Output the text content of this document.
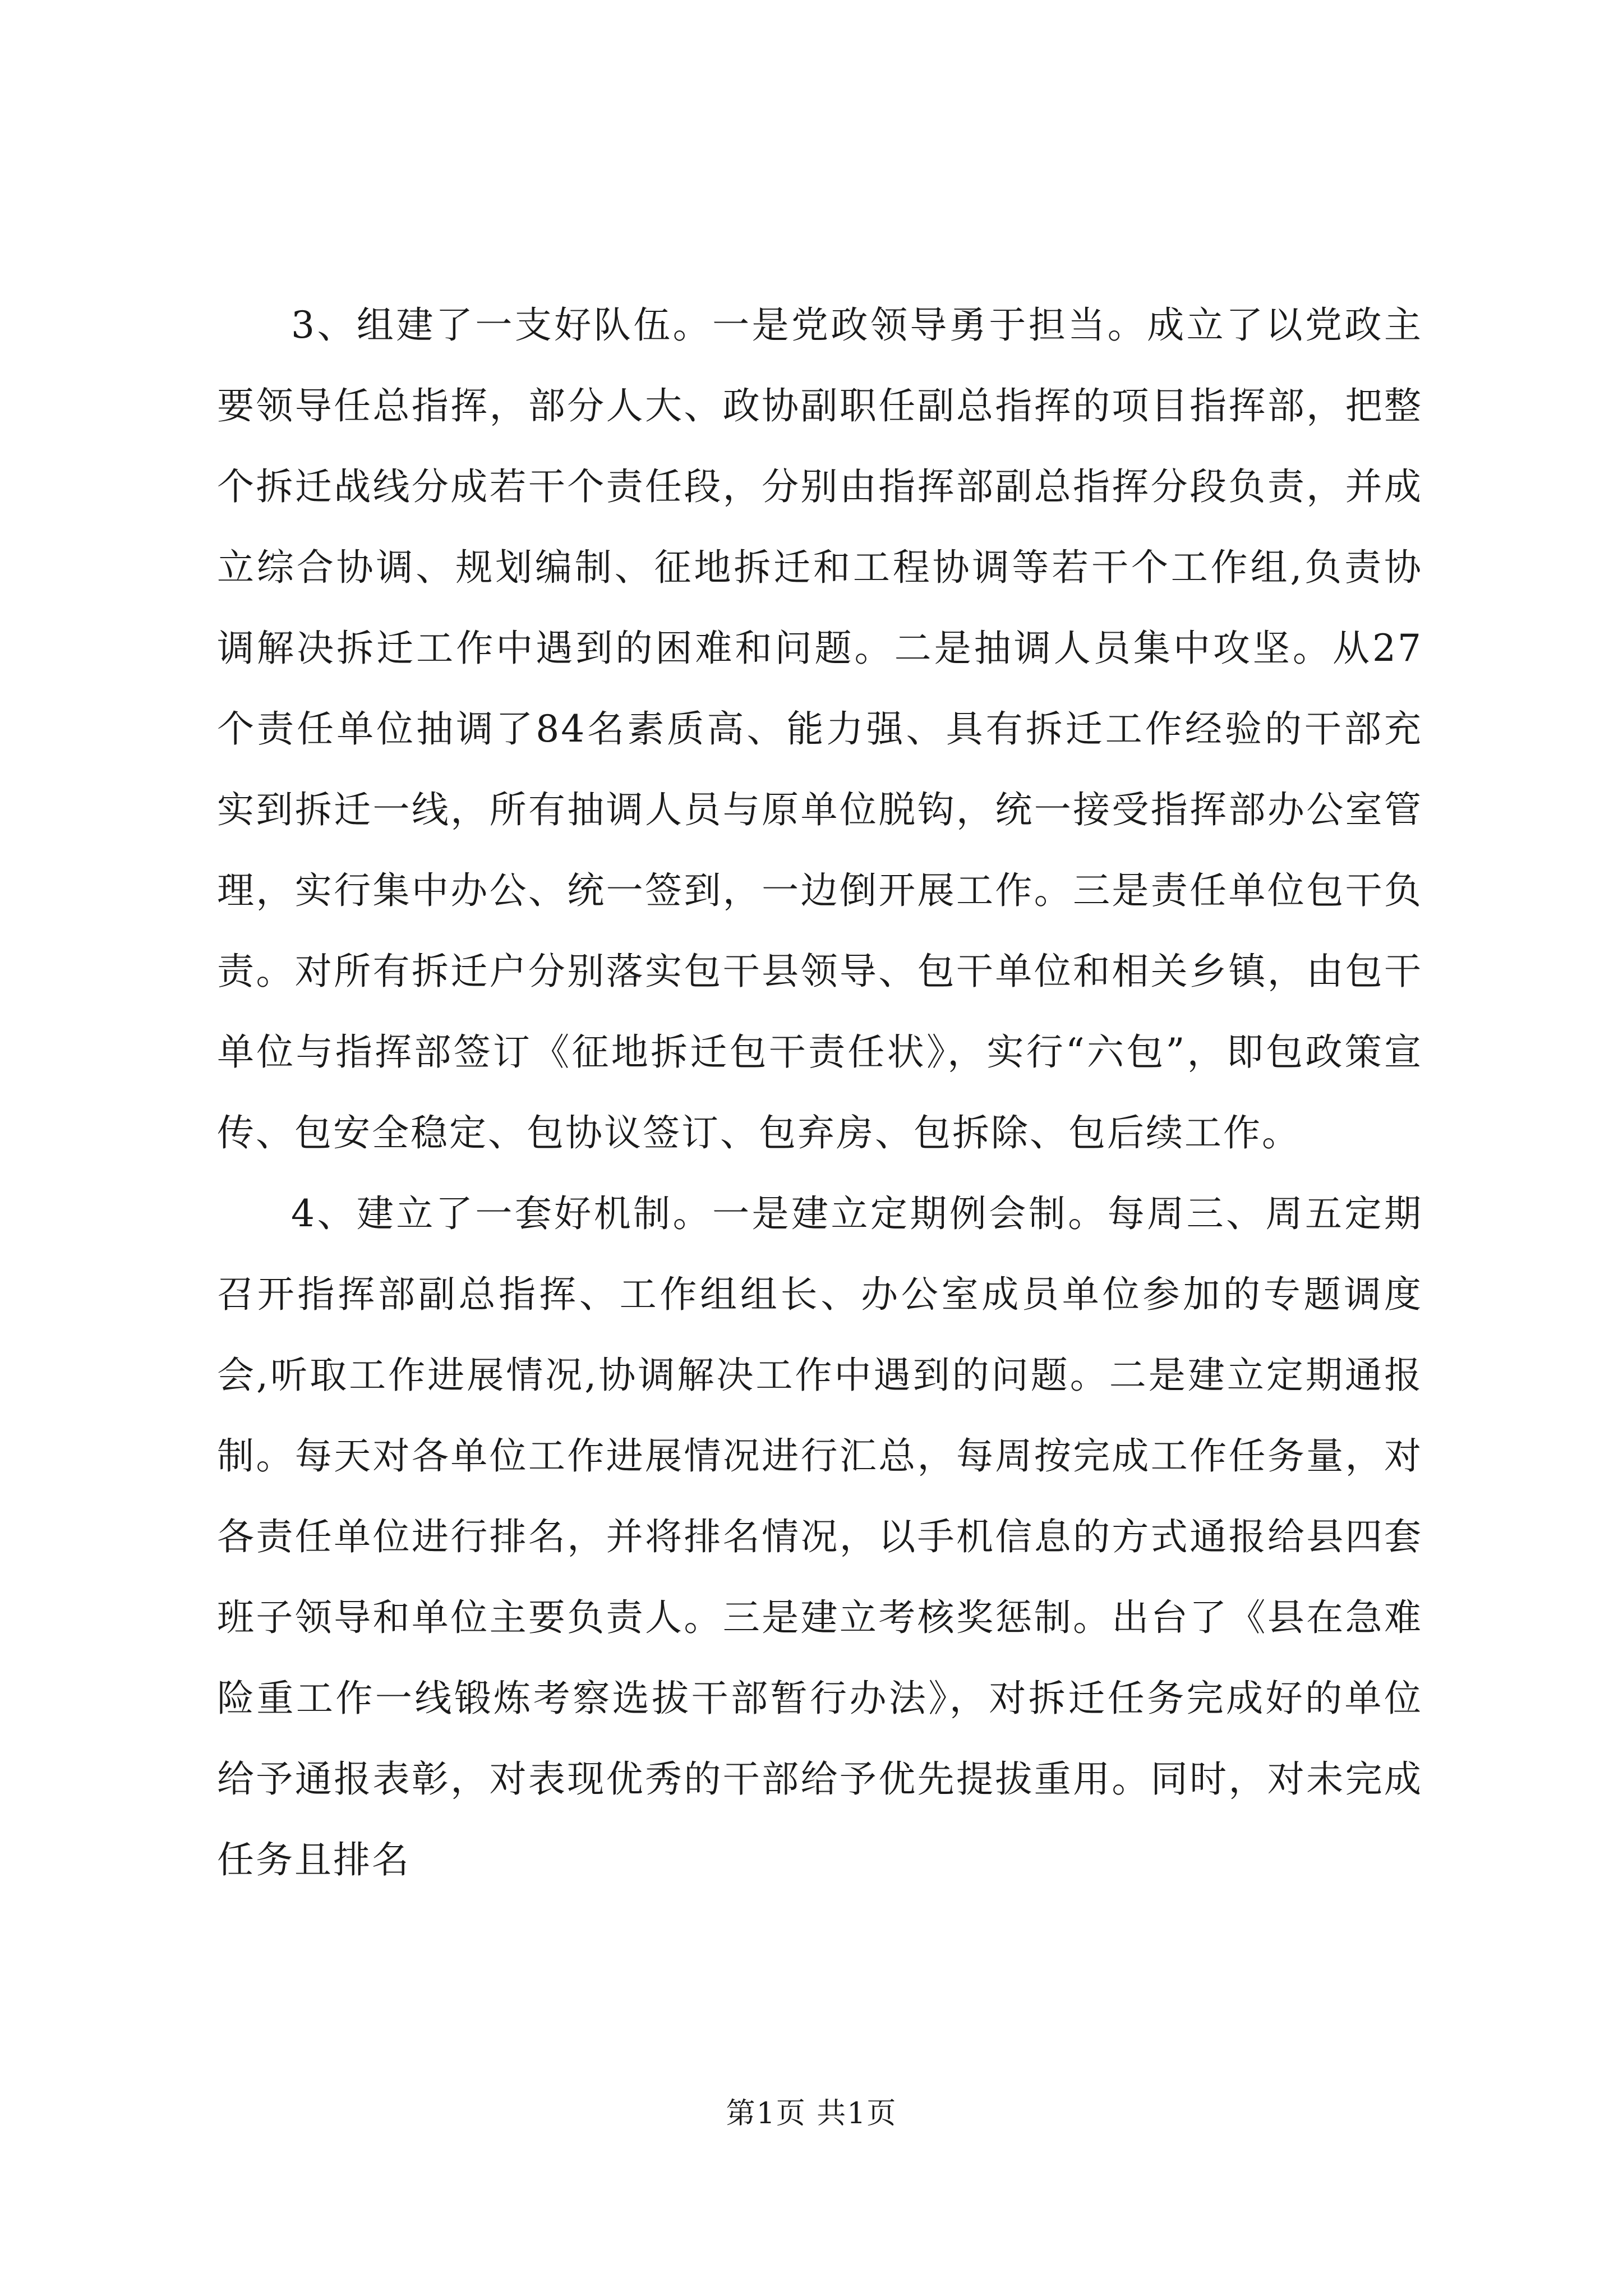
3、组建了一支好队伍。一是党政领导勇于担当。成立了以党政主要领导任总指挥，部分人大、政协副职任副总指挥的项目指挥部，把整个拆迁战线分成若干个责任段，分别由指挥部副总指挥分段负责，并成立综合协调、规划编制、征地拆迁和工程协调等若干个工作组,负责协调解决拆迁工作中遇到的困难和问题。二是抽调人员集中攻坚。从27个责任单位抽调了84名素质高、能力强、具有拆迁工作经验的干部充实到拆迁一线，所有抽调人员与原单位脱钩，统一接受指挥部办公室管理，实行集中办公、统一签到，一边倒开展工作。三是责任单位包干负责。对所有拆迁户分别落实包干县领导、包干单位和相关乡镇，由包干单位与指挥部签订《征地拆迁包干责任状》，实行“六包”，即包政策宣传、包安全稳定、包协议签订、包弃房、包拆除、包后续工作。

4、建立了一套好机制。一是建立定期例会制。每周三、周五定期召开指挥部副总指挥、工作组组长、办公室成员单位参加的专题调度会,听取工作进展情况,协调解决工作中遇到的问题。二是建立定期通报制。每天对各单位工作进展情况进行汇总，每周按完成工作任务量，对各责任单位进行排名，并将排名情况，以手机信息的方式通报给县四套班子领导和单位主要负责人。三是建立考核奖惩制。出台了《县在急难险重工作一线锻炼考察选拔干部暂行办法》，对拆迁任务完成好的单位给予通报表彰，对表现优秀的干部给予优先提拔重用。同时，对未完成任务且排名

第1页 共1页
